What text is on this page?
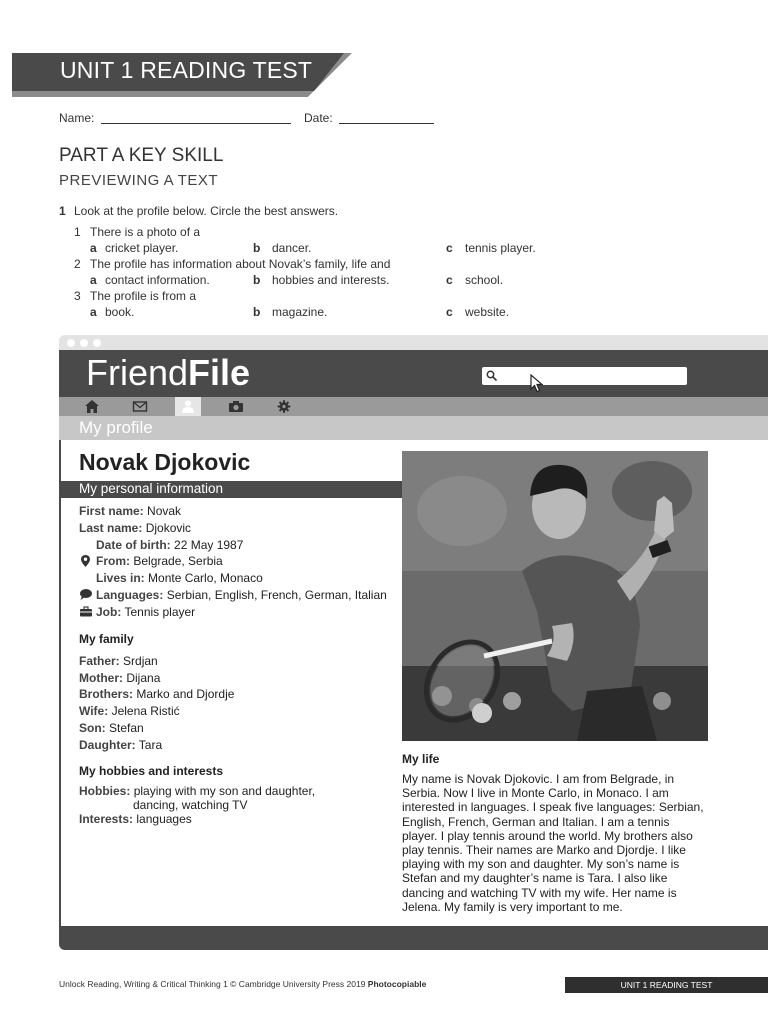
UNIT 1 READING TEST
Name:	Date:
PART A KEY SKILL
PREVIEWING A TEXT
1 Look at the profile below. Circle the best answers.
1 There is a photo of a
a cricket player.	b dancer.	c tennis player.
2 The profile has information about Novak’s family, life and
a contact information.	b hobbies and interests.	c school.
3 The profile is from a
a book.	b magazine.	c website.
FriendFile
My profile
Novak Djokovic
My personal information
First name: Novak
Last name: Djokovic
Date of birth: 22 May 1987
From: Belgrade, Serbia
Lives in: Monte Carlo, Monaco
Languages: Serbian, English, French, German, Italian
Job: Tennis player
My family
Father: Srdjan
Mother: Dijana
Brothers: Marko and Djordje
Wife: Jelena Ristić
Son: Stefan
Daughter: Tara
My hobbies and interests
Hobbies: playing with my son and daughter,
dancing, watching TV
Interests: languages
My life
My name is Novak Djokovic. I am from Belgrade, in Serbia. Now I live in Monte Carlo, in Monaco. I am interested in languages. I speak five languages: Serbian, English, French, German and Italian. I am a tennis player. I play tennis around the world. My brothers also play tennis. Their names are Marko and Djordje. I like playing with my son and daughter. My son’s name is Stefan and my daughter’s name is Tara. I also like dancing and watching TV with my wife. Her name is Jelena. My family is very important to me.
Unlock Reading, Writing & Critical Thinking 1 © Cambridge University Press 2019 Photocopiable	UNIT 1 READING TEST
